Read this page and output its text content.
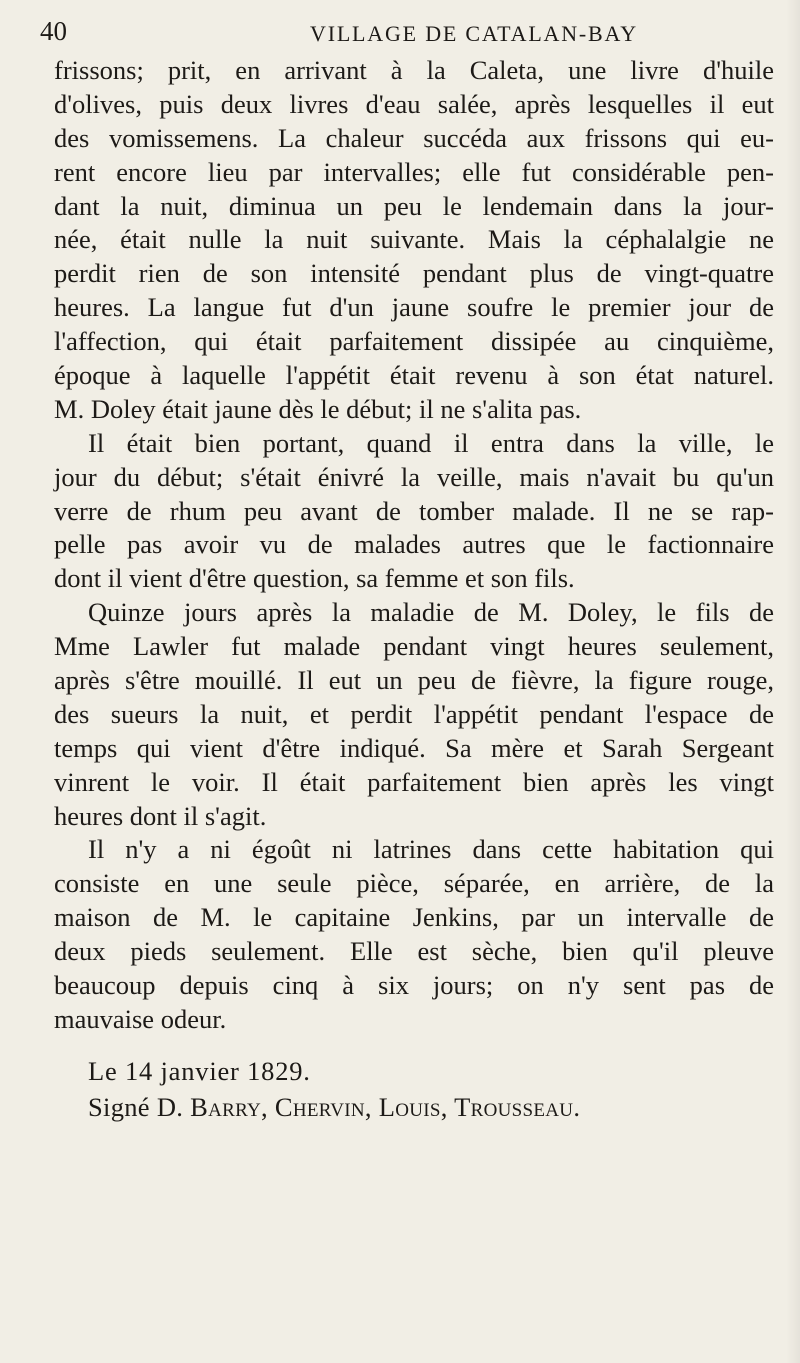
40	VILLAGE DE CATALAN-BAY
frissons; prit, en arrivant à la Caleta, une livre d'huile
d'olives, puis deux livres d'eau salée, après lesquelles il eut
des vomissemens. La chaleur succéda aux frissons qui eu-
rent encore lieu par intervalles; elle fut considérable pen-
dant la nuit, diminua un peu le lendemain dans la jour-
née, était nulle la nuit suivante. Mais la céphalalgie ne
perdit rien de son intensité pendant plus de vingt-quatre
heures. La langue fut d'un jaune soufre le premier jour de
l'affection, qui était parfaitement dissipée au cinquième,
époque à laquelle l'appétit était revenu à son état naturel.
M. Doley était jaune dès le début; il ne s'alita pas.
Il était bien portant, quand il entra dans la ville, le
jour du début; s'était énivré la veille, mais n'avait bu qu'un
verre de rhum peu avant de tomber malade. Il ne se rap-
pelle pas avoir vu de malades autres que le factionnaire
dont il vient d'être question, sa femme et son fils.
Quinze jours après la maladie de M. Doley, le fils de
Mme Lawler fut malade pendant vingt heures seulement,
après s'être mouillé. Il eut un peu de fièvre, la figure rouge,
des sueurs la nuit, et perdit l'appétit pendant l'espace de
temps qui vient d'être indiqué. Sa mère et Sarah Sergeant
vinrent le voir. Il était parfaitement bien après les vingt
heures dont il s'agit.
Il n'y a ni égoût ni latrines dans cette habitation qui
consiste en une seule pièce, séparée, en arrière, de la
maison de M. le capitaine Jenkins, par un intervalle de
deux pieds seulement. Elle est sèche, bien qu'il pleuve
beaucoup depuis cinq à six jours; on n'y sent pas de
mauvaise odeur.
Le 14 janvier 1829.
Signé D. Barry, Chervin, Louis, Trousseau.
